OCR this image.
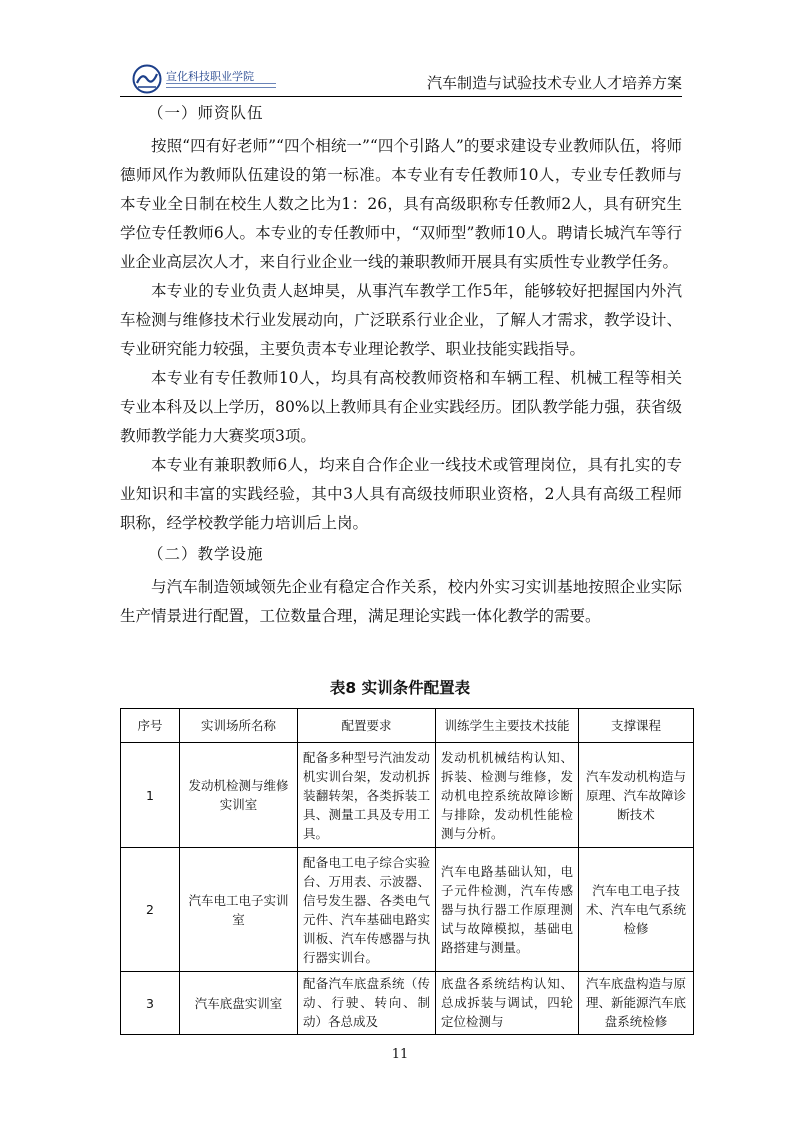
宣化科技职业学院	汽车制造与试验技术专业人才培养方案

（一）师资队伍

按照“四有好老师”“四个相统一”“四个引路人”的要求建设专业教师队伍，将师德师风作为教师队伍建设的第一标准。本专业有专任教师10人，专业专任教师与本专业全日制在校生人数之比为1：26，具有高级职称专任教师2人，具有研究生学位专任教师6人。本专业的专任教师中，“双师型”教师10人。聘请长城汽车等行业企业高层次人才，来自行业企业一线的兼职教师开展具有实质性专业教学任务。

本专业的专业负责人赵坤昊，从事汽车教学工作5年，能够较好把握国内外汽车检测与维修技术行业发展动向，广泛联系行业企业，了解人才需求，教学设计、专业研究能力较强，主要负责本专业理论教学、职业技能实践指导。

本专业有专任教师10人，均具有高校教师资格和车辆工程、机械工程等相关专业本科及以上学历，80%以上教师具有企业实践经历。团队教学能力强，获省级教师教学能力大赛奖项3项。

本专业有兼职教师6人，均来自合作企业一线技术或管理岗位，具有扎实的专业知识和丰富的实践经验，其中3人具有高级技师职业资格，2人具有高级工程师职称，经学校教学能力培训后上岗。

（二）教学设施

与汽车制造领域领先企业有稳定合作关系，校内外实习实训基地按照企业实际生产情景进行配置，工位数量合理，满足理论实践一体化教学的需要。

表8 实训条件配置表
序号	实训场所名称	配置要求	训练学生主要技术技能	支撑课程
1	发动机检测与维修实训室	配备多种型号汽油发动机实训台架，发动机拆装翻转架，各类拆装工具、测量工具及专用工具。	发动机机械结构认知、拆装、检测与维修，发动机电控系统故障诊断与排除，发动机性能检测与分析。	汽车发动机构造与原理、汽车故障诊断技术
2	汽车电工电子实训室	配备电工电子综合实验台、万用表、示波器、信号发生器、各类电气元件、汽车基础电路实训板、汽车传感器与执行器实训台。	汽车电路基础认知，电子元件检测，汽车传感器与执行器工作原理测试与故障模拟，基础电路搭建与测量。	汽车电工电子技术、汽车电气系统检修
3	汽车底盘实训室	配备汽车底盘系统（传动、行驶、转向、制动）各总成及	底盘各系统结构认知、总成拆装与调试，四轮定位检测与	汽车底盘构造与原理、新能源汽车底盘系统检修
11
